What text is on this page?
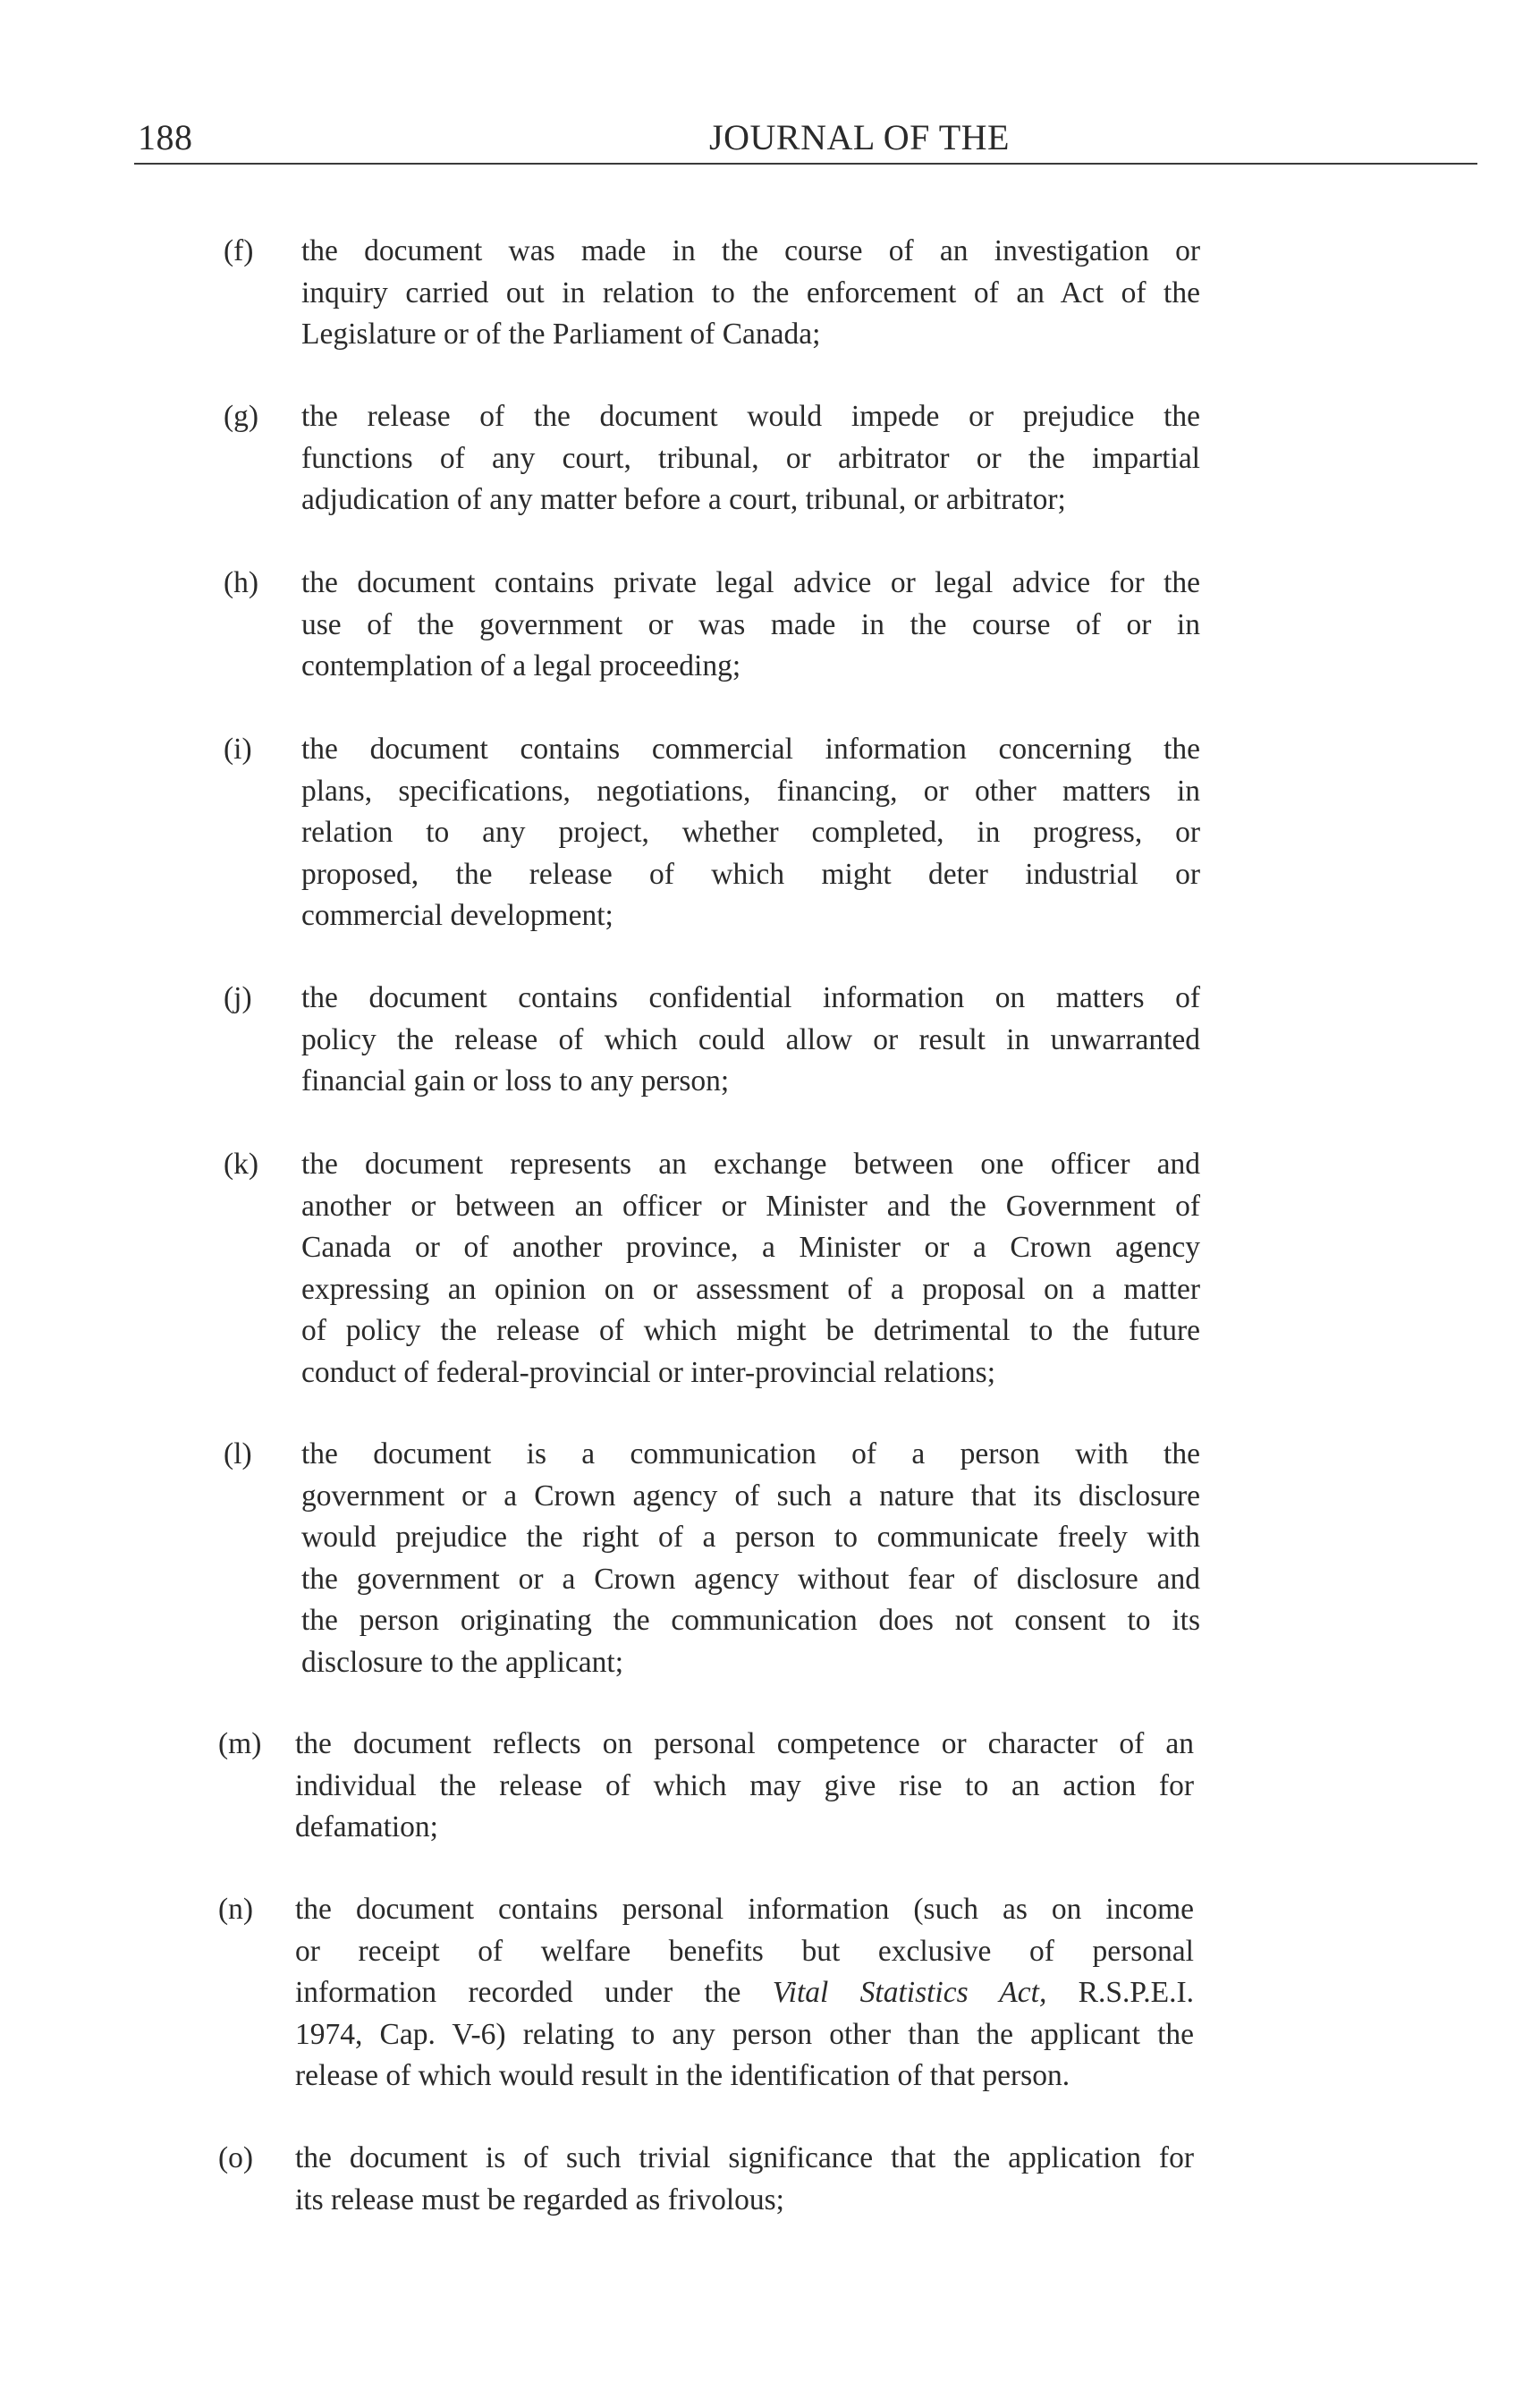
188	JOURNAL OF THE
(f) the document was made in the course of an investigation or
inquiry carried out in relation to the enforcement of an Act of the
Legislature or of the Parliament of Canada;

(g) the release of the document would impede or prejudice the
functions of any court, tribunal, or arbitrator or the impartial
adjudication of any matter before a court, tribunal, or arbitrator;

(h) the document contains private legal advice or legal advice for the
use of the government or was made in the course of or in
contemplation of a legal proceeding;

(i) the document contains commercial information concerning the
plans, specifications, negotiations, financing, or other matters in
relation to any project, whether completed, in progress, or
proposed, the release of which might deter industrial or
commercial development;

(j) the document contains confidential information on matters of
policy the release of which could allow or result in unwarranted
financial gain or loss to any person;

(k) the document represents an exchange between one officer and
another or between an officer or Minister and the Government of
Canada or of another province, a Minister or a Crown agency
expressing an opinion on or assessment of a proposal on a matter
of policy the release of which might be detrimental to the future
conduct of federal-provincial or inter-provincial relations;

(l) the document is a communication of a person with the
government or a Crown agency of such a nature that its disclosure
would prejudice the right of a person to communicate freely with
the government or a Crown agency without fear of disclosure and
the person originating the communication does not consent to its
disclosure to the applicant;

(m) the document reflects on personal competence or character of an
individual the release of which may give rise to an action for
defamation;

(n) the document contains personal information (such as on income
or receipt of welfare benefits but exclusive of personal
information recorded under the Vital Statistics Act, R.S.P.E.I.
1974, Cap. V-6) relating to any person other than the applicant the
release of which would result in the identification of that person.

(o) the document is of such trivial significance that the application for
its release must be regarded as frivolous;
